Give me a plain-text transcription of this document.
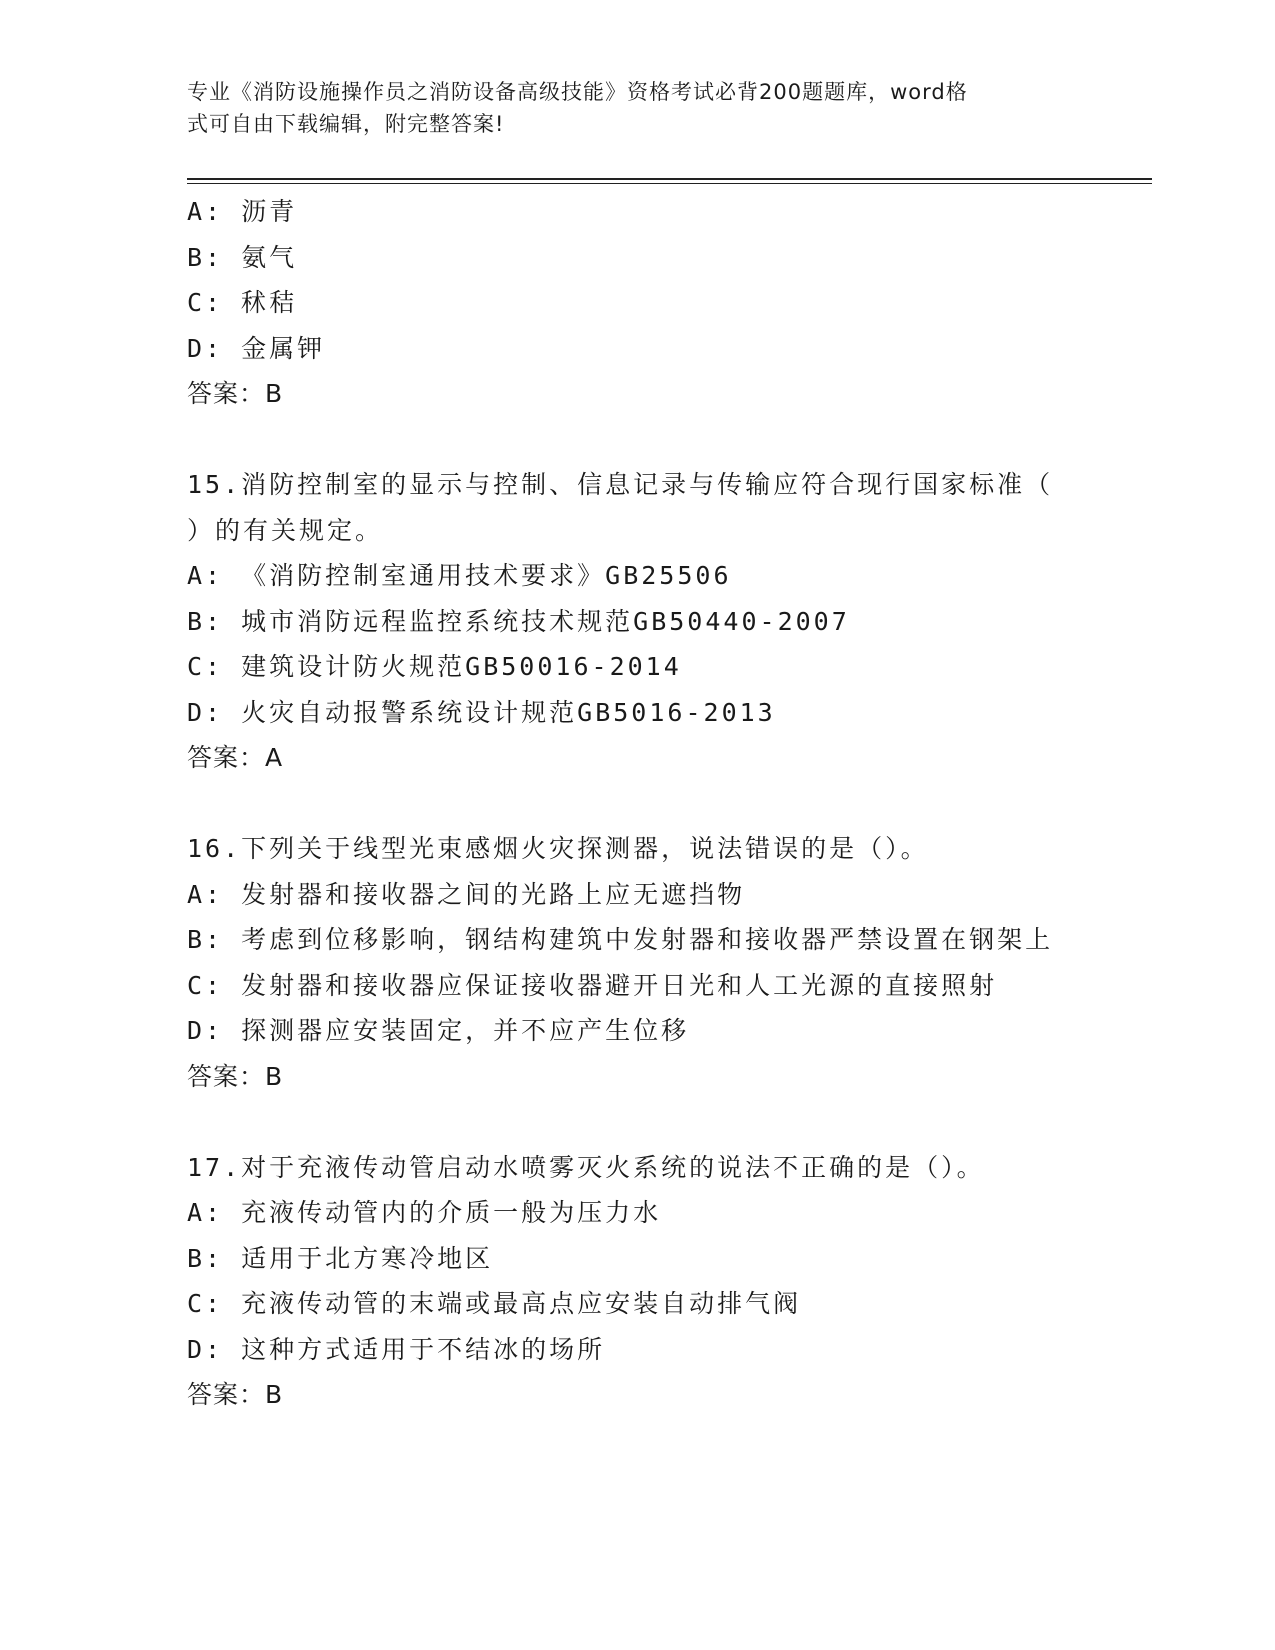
专业《消防设施操作员之消防设备高级技能》资格考试必背200题题库，word格
式可自由下载编辑，附完整答案!
A: 沥青
B: 氨气
C: 秫秸
D: 金属钾
答案：B
15.消防控制室的显示与控制、信息记录与传输应符合现行国家标准（
）的有关规定。
A: 《消防控制室通用技术要求》GB25506
B: 城市消防远程监控系统技术规范GB50440-2007
C: 建筑设计防火规范GB50016-2014
D: 火灾自动报警系统设计规范GB5016-2013
答案：A
16.下列关于线型光束感烟火灾探测器，说法错误的是（）。
A: 发射器和接收器之间的光路上应无遮挡物
B: 考虑到位移影响，钢结构建筑中发射器和接收器严禁设置在钢架上
C: 发射器和接收器应保证接收器避开日光和人工光源的直接照射
D: 探测器应安装固定，并不应产生位移
答案：B
17.对于充液传动管启动水喷雾灭火系统的说法不正确的是（）。
A: 充液传动管内的介质一般为压力水
B: 适用于北方寒冷地区
C: 充液传动管的末端或最高点应安装自动排气阀
D: 这种方式适用于不结冰的场所
答案：B
